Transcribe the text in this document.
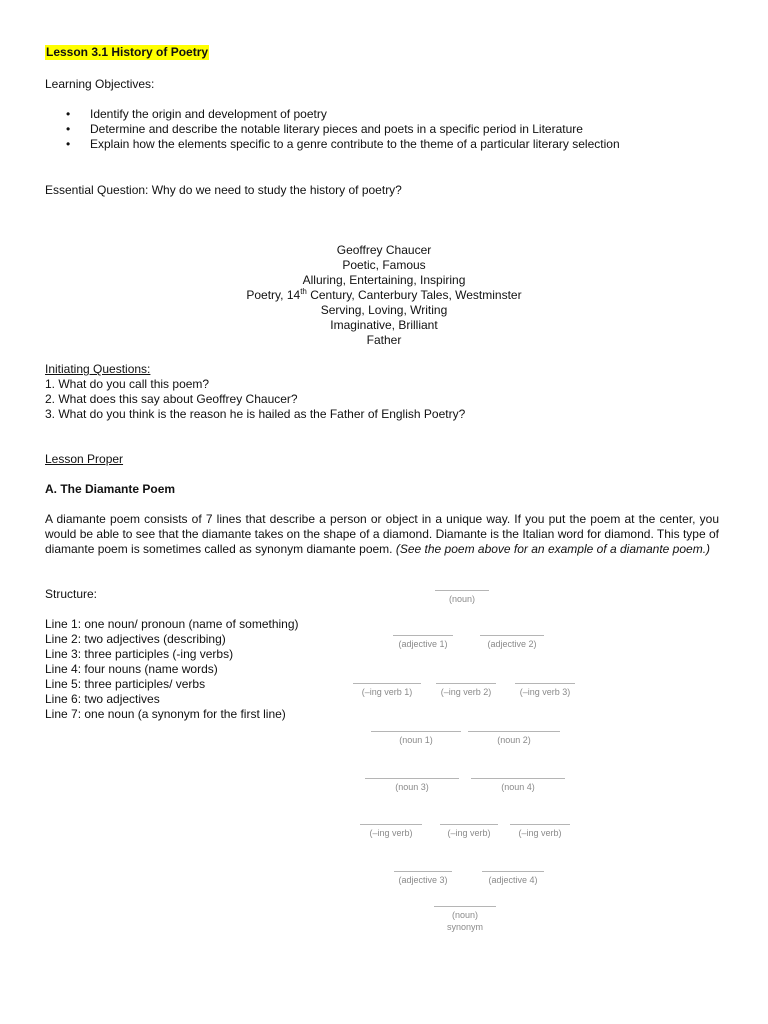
Lesson 3.1 History of Poetry
Learning Objectives:
• Identify the origin and development of poetry
• Determine and describe the notable literary pieces and poets in a specific period in Literature
• Explain how the elements specific to a genre contribute to the theme of a particular literary selection
Essential Question: Why do we need to study the history of poetry?
Geoffrey Chaucer
Poetic, Famous
Alluring, Entertaining, Inspiring
Poetry, 14th Century, Canterbury Tales, Westminster
Serving, Loving, Writing
Imaginative, Brilliant
Father
Initiating Questions:
1. What do you call this poem?
2. What does this say about Geoffrey Chaucer?
3. What do you think is the reason he is hailed as the Father of English Poetry?
Lesson Proper
A. The Diamante Poem
A diamante poem consists of 7 lines that describe a person or object in a unique way. If you put the poem at the center, you would be able to see that the diamante takes on the shape of a diamond. Diamante is the Italian word for diamond. This type of diamante poem is sometimes called as synonym diamante poem. (See the poem above for an example of a diamante poem.)
Structure:
Line 1: one noun/ pronoun (name of something)
Line 2: two adjectives (describing)
Line 3: three participles (-ing verbs)
Line 4: four nouns (name words)
Line 5: three participles/ verbs
Line 6: two adjectives
Line 7: one noun (a synonym for the first line)
(noun)
(adjective 1)	(adjective 2)
(–ing verb 1)	(–ing verb 2)	(–ing verb 3)
(noun 1)	(noun 2)
(noun 3)	(noun 4)
(–ing verb)	(–ing verb)	(–ing verb)
(adjective 3)	(adjective 4)
(noun)
synonym
